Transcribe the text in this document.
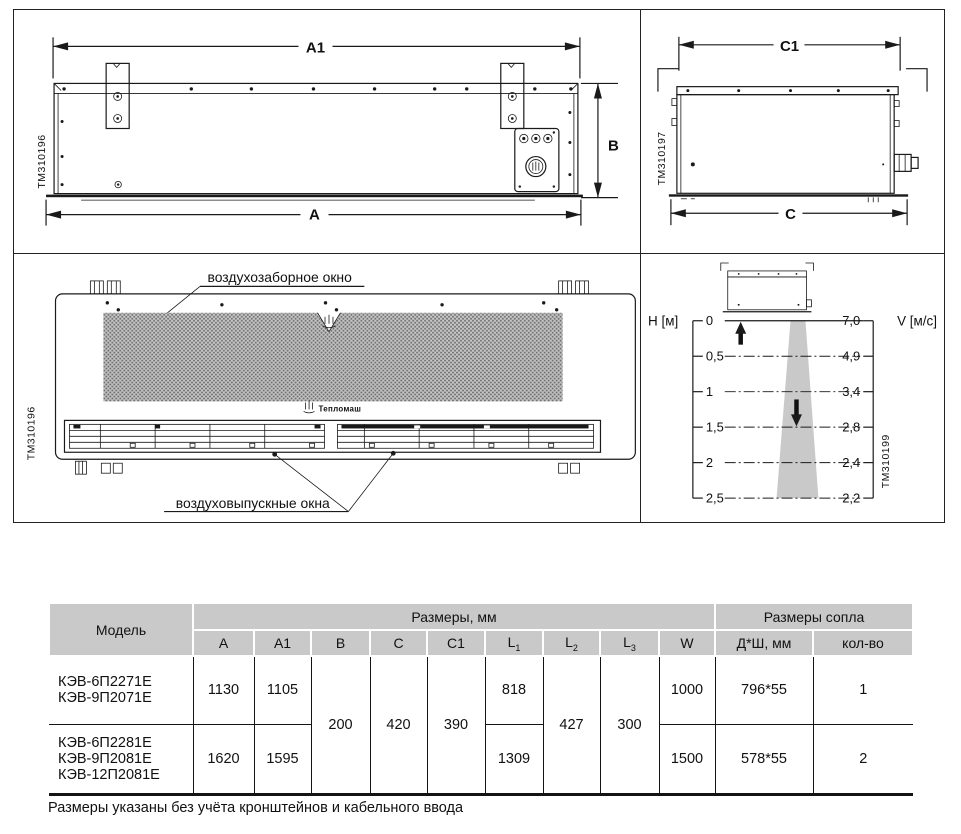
A1
B
A
TM310196
C1
C
TM310197
воздухозаборное окно
Тепломаш
воздуховыпускные окна
TM310196
H [м]	V [м/с]
0
0,5
1
1,5
2
2,5
7,0
4,9
3,4
2,8
2,4
2,2
TM310199
Модель	Размеры, мм									Размеры сопла	
	A	A1	B	C	C1	$L_1$	$L_2$	$L_3$	W	Д*Ш, мм	кол-во

КЭВ-6П2271Е
КЭВ-9П2071Е	1130	1105	200	420	390	818	427	300	1000	796*55	1

КЭВ-6П2281Е
КЭВ-9П2081Е
КЭВ-12П2081Е	1620	1595				1309			1500	578*55	2
Размеры указаны без учёта кронштейнов и кабельного ввода
